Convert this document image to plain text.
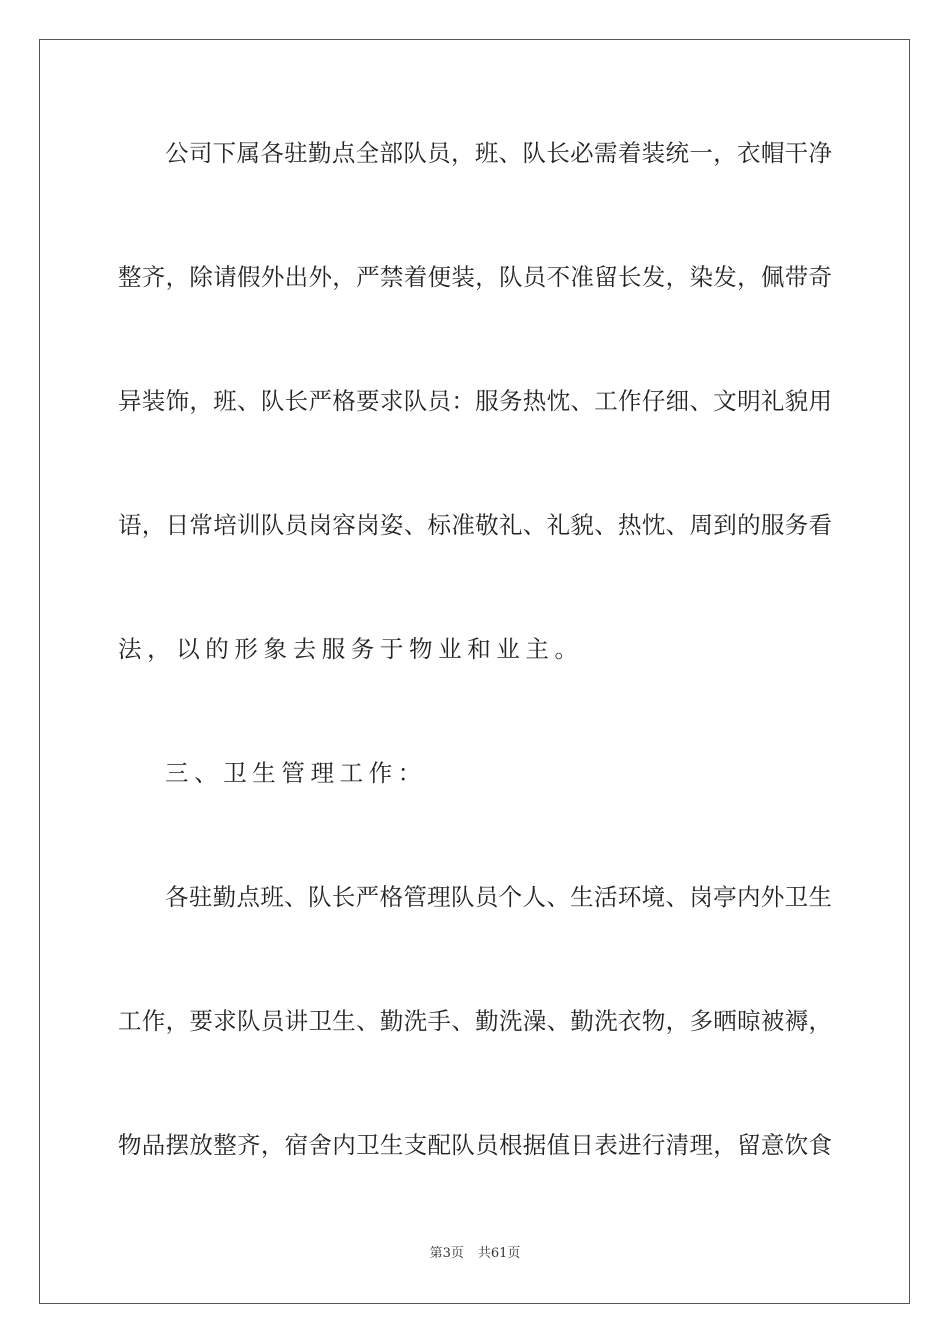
公司下属各驻勤点全部队员，班、队长必需着装统一，衣帽干净
整齐，除请假外出外，严禁着便装，队员不准留长发，染发，佩带奇
异装饰，班、队长严格要求队员：服务热忱、工作仔细、文明礼貌用
语，日常培训队员岗容岗姿、标准敬礼、礼貌、热忱、周到的服务看
法，以的形象去服务于物业和业主。
三、卫生管理工作：
各驻勤点班、队长严格管理队员个人、生活环境、岗亭内外卫生
工作，要求队员讲卫生、勤洗手、勤洗澡、勤洗衣物，多晒晾被褥，
物品摆放整齐，宿舍内卫生支配队员根据值日表进行清理，留意饮食
第3页 共61页
